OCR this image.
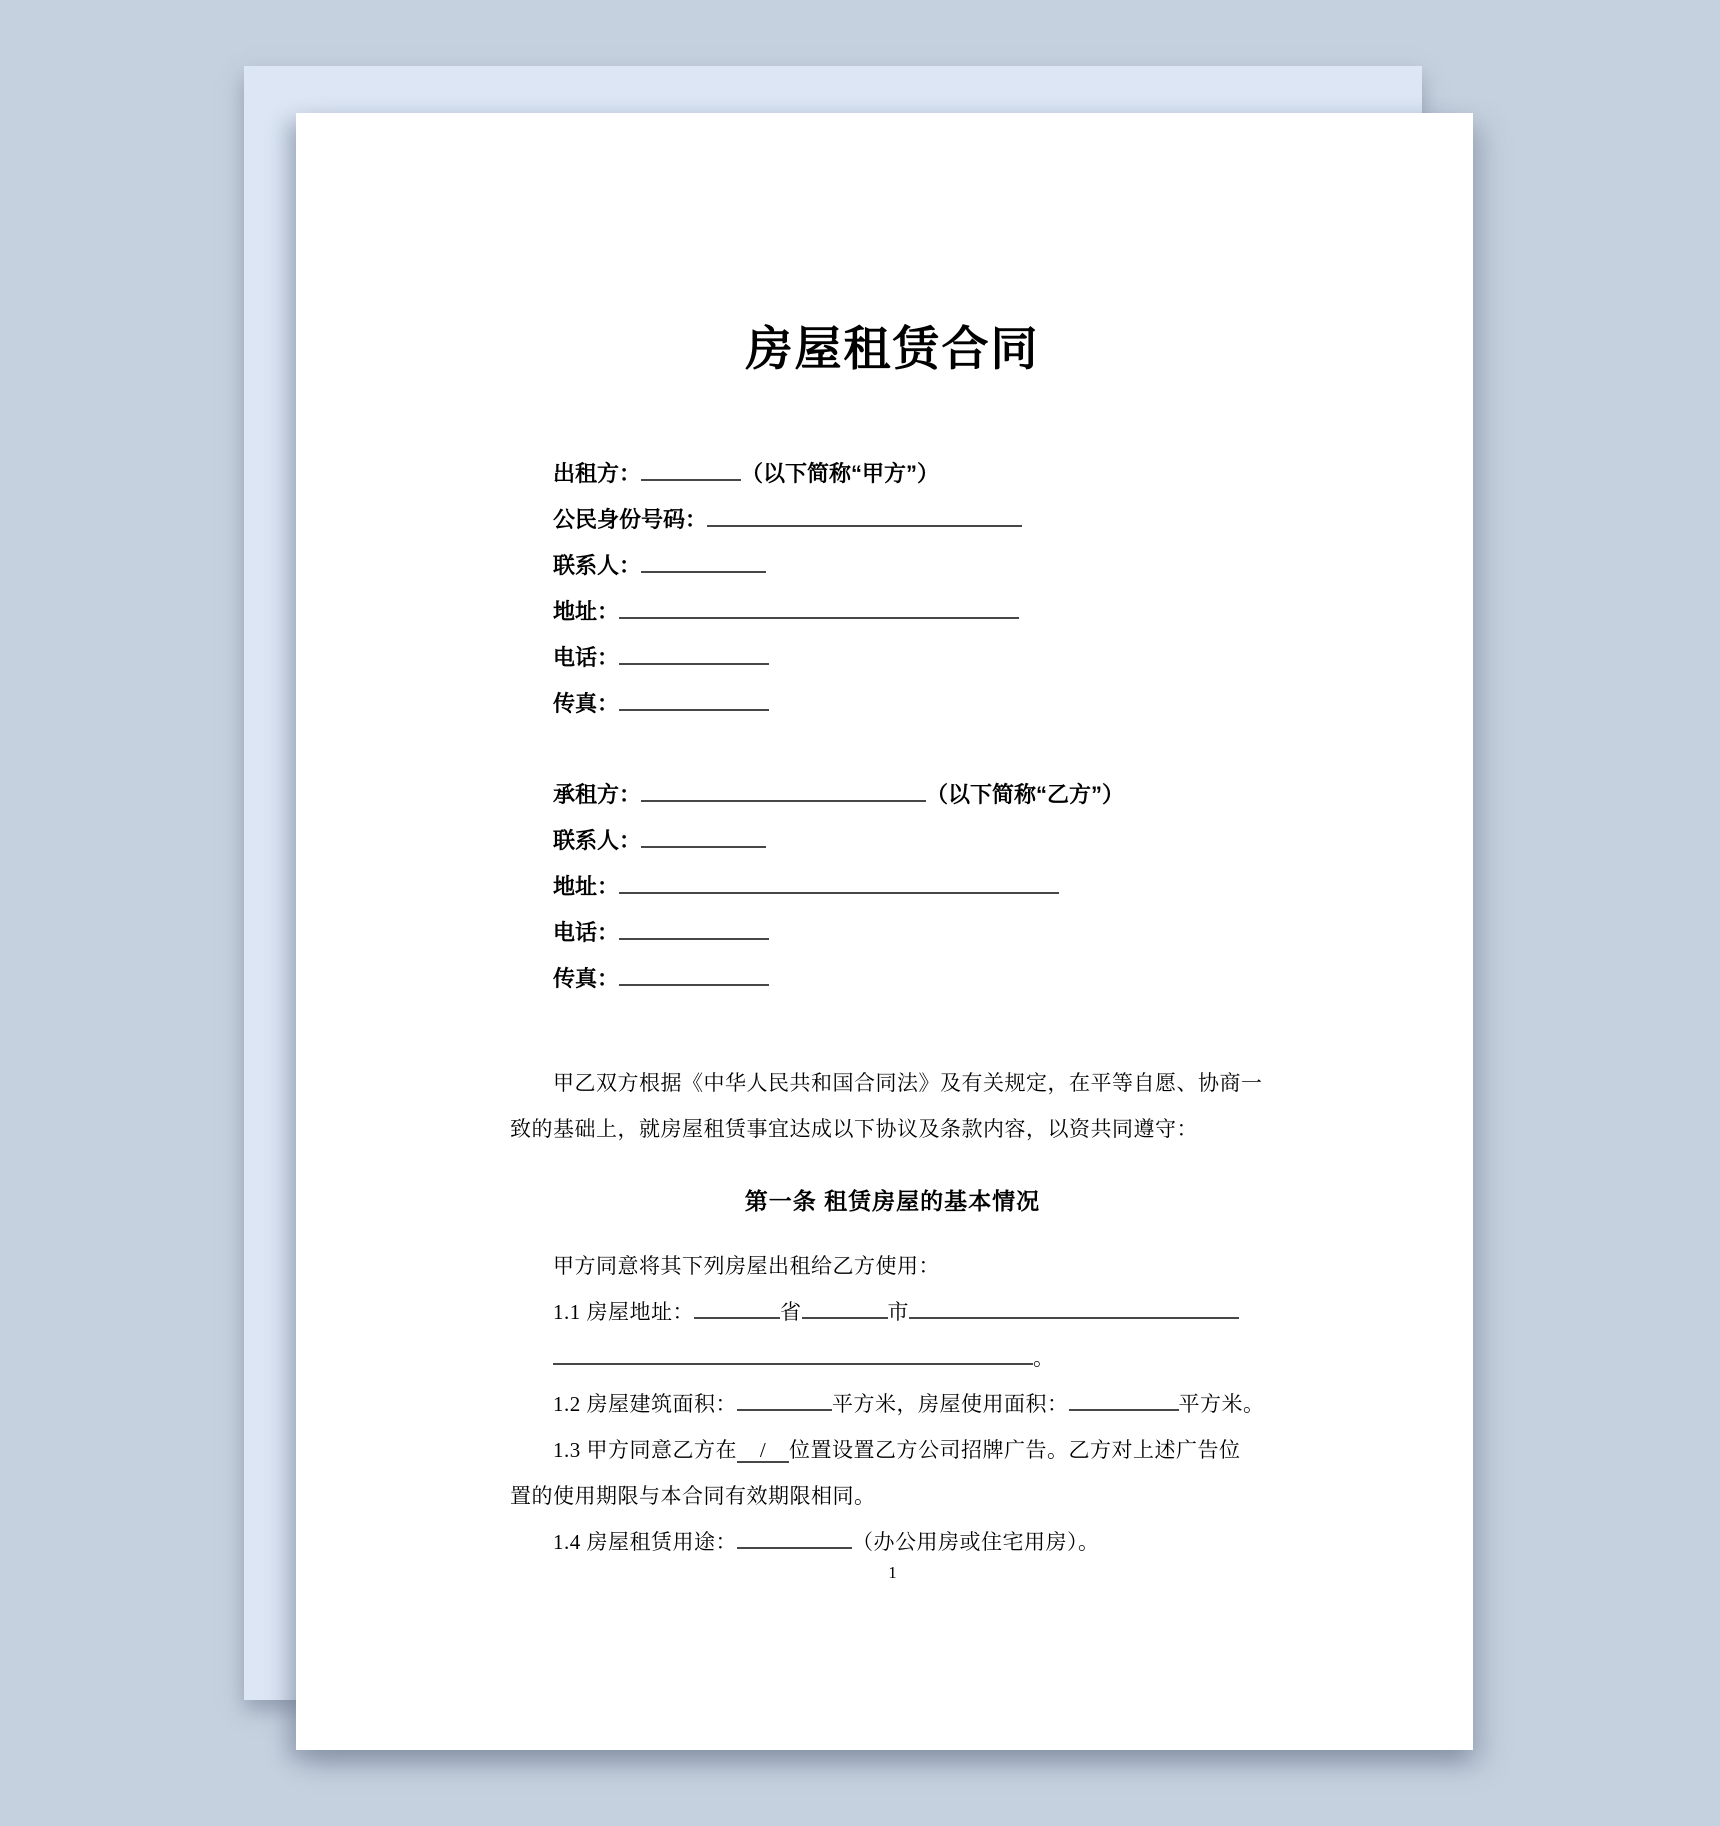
房屋租赁合同
出租方：	（以下简称“甲方”）
公民身份号码：
联系人：
地址：
电话：
传真：
承租方：	（以下简称“乙方”）
联系人：
地址：
电话：
传真：
甲乙双方根据《中华人民共和国合同法》及有关规定，在平等自愿、协商一
致的基础上，就房屋租赁事宜达成以下协议及条款内容，以资共同遵守：
第一条 租赁房屋的基本情况
甲方同意将其下列房屋出租给乙方使用：
1.1 房屋地址：	省	市
。
1.2 房屋建筑面积：	平方米，房屋使用面积：	平方米。
1.3 甲方同意乙方在 / 位置设置乙方公司招牌广告。乙方对上述广告位
置的使用期限与本合同有效期限相同。
1.4 房屋租赁用途：	（办公用房或住宅用房）。
1
